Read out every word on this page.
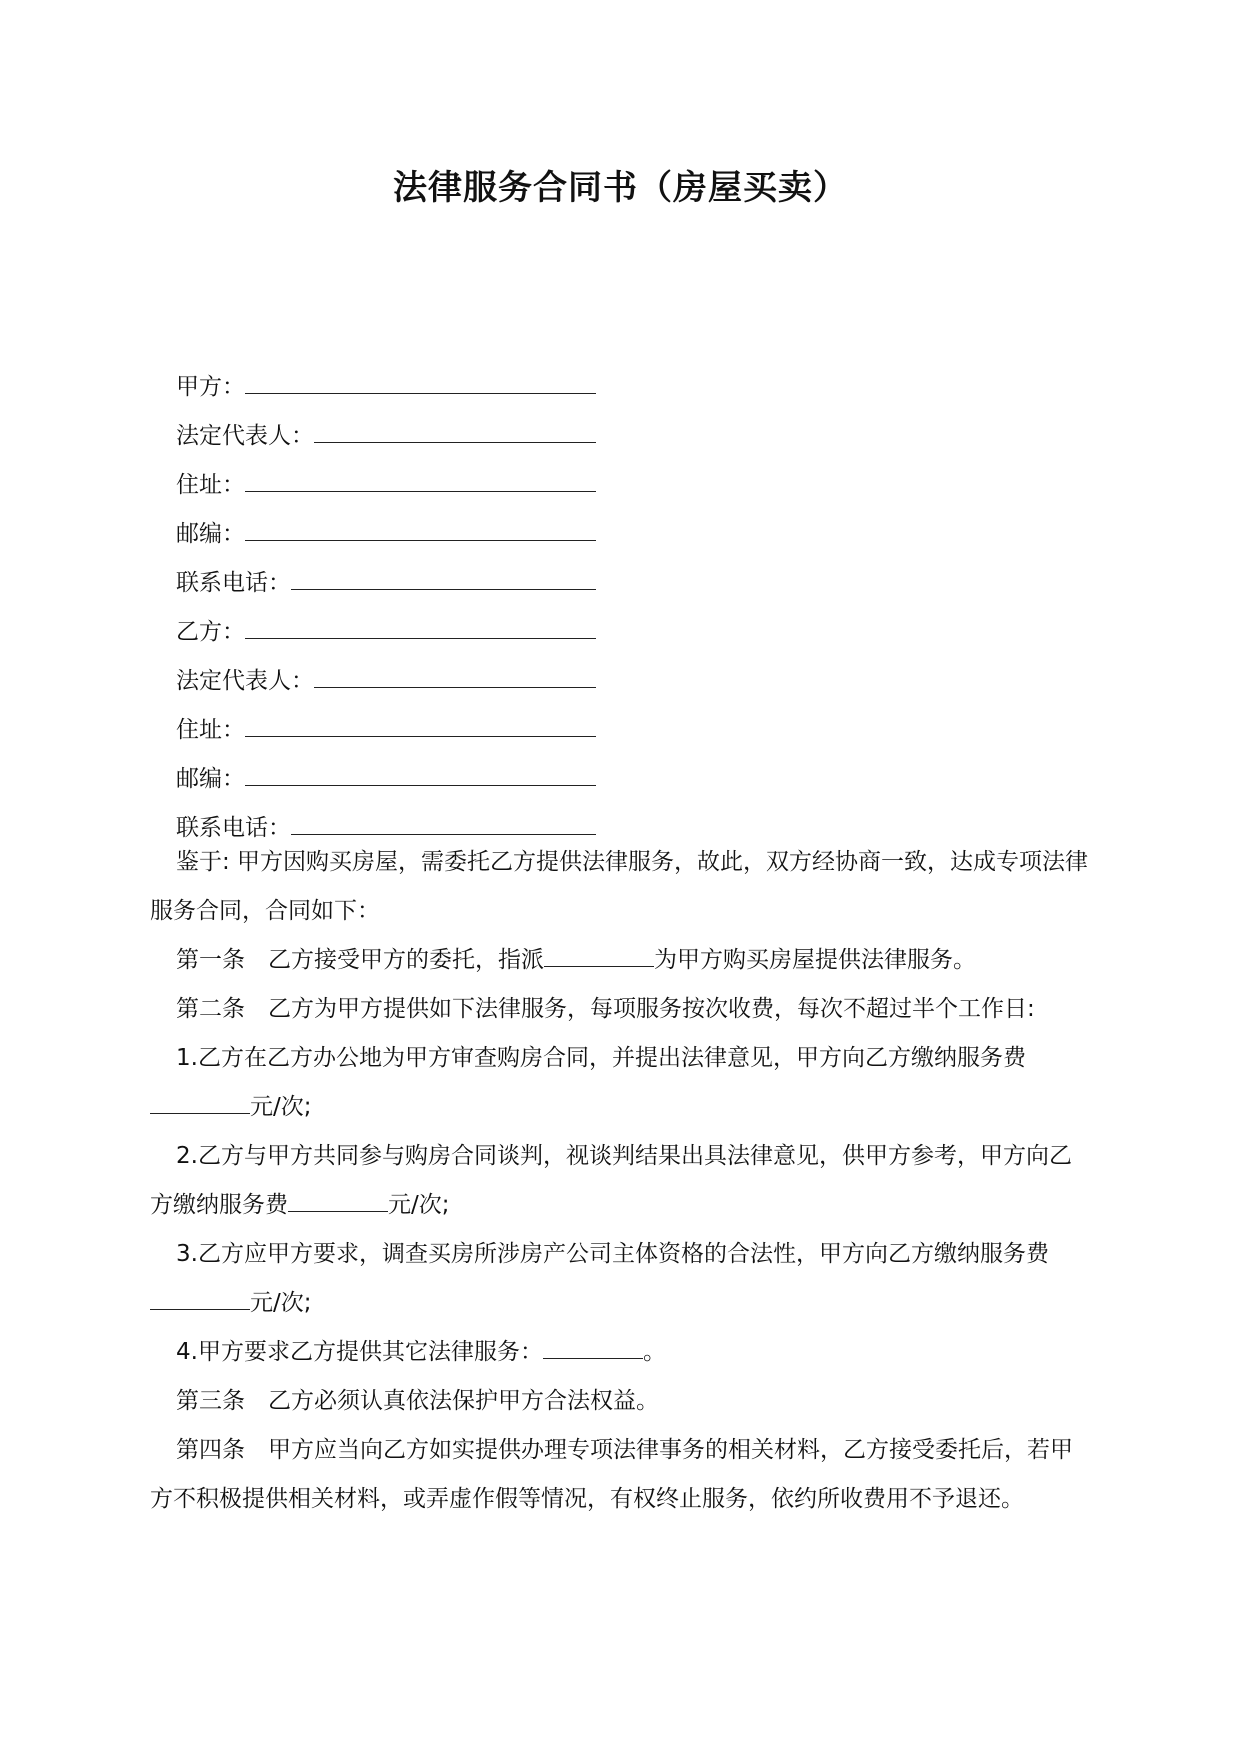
法律服务合同书（房屋买卖）
甲方：
法定代表人：
住址：
邮编：
联系电话：
乙方：
法定代表人：
住址：
邮编：
联系电话：

鉴于: 甲方因购买房屋，需委托乙方提供法律服务，故此，双方经协商一致，达成专项法律服务合同，合同如下：

第一条　乙方接受甲方的委托，指派	为甲方购买房屋提供法律服务。

第二条　乙方为甲方提供如下法律服务，每项服务按次收费，每次不超过半个工作日:

1.乙方在乙方办公地为甲方审查购房合同，并提出法律意见，甲方向乙方缴纳服务费元/次;

2.乙方与甲方共同参与购房合同谈判，视谈判结果出具法律意见，供甲方参考，甲方向乙方缴纳服务费	元/次;

3.乙方应甲方要求，调查买房所涉房产公司主体资格的合法性，甲方向乙方缴纳服务费元/次;

4.甲方要求乙方提供其它法律服务：	。

第三条　乙方必须认真依法保护甲方合法权益。

第四条　甲方应当向乙方如实提供办理专项法律事务的相关材料，乙方接受委托后，若甲方不积极提供相关材料，或弄虚作假等情况，有权终止服务，依约所收费用不予退还。
